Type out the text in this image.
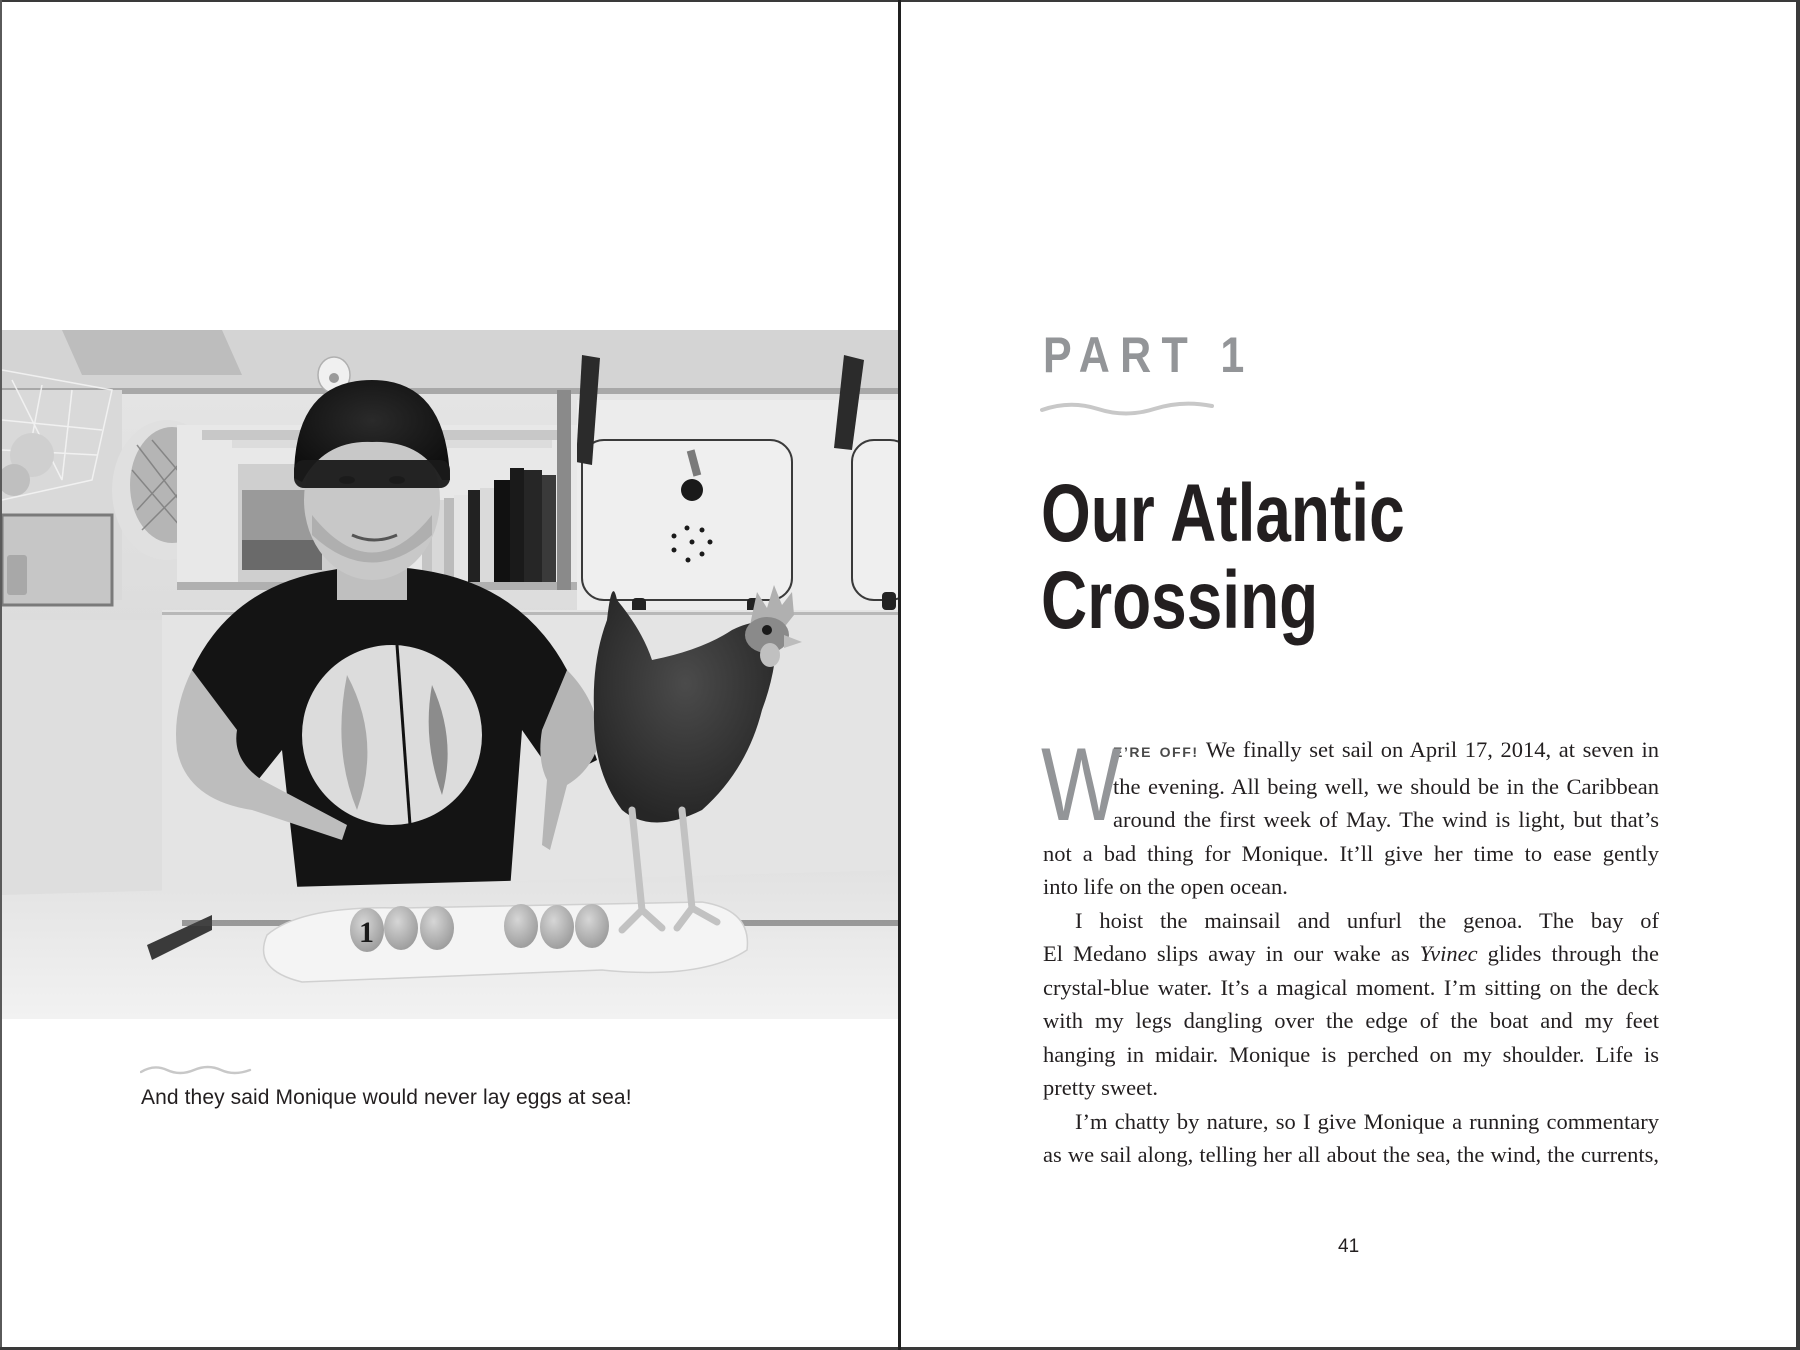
1
And they said Monique would never lay eggs at sea!
PART 1
Our Atlantic
Crossing
W
E’RE OFF! We finally set sail on April 17, 2014, at seven in
the evening. All being well, we should be in the Caribbean
around the first week of May. The wind is light, but that’s
not a bad thing for Monique. It’ll give her time to ease gently
into life on the open ocean.
I hoist the mainsail and unfurl the genoa. The bay of
El Medano slips away in our wake as Yvinec glides through the
crystal-blue water. It’s a magical moment. I’m sitting on the deck
with my legs dangling over the edge of the boat and my feet
hanging in midair. Monique is perched on my shoulder. Life is
pretty sweet.
I’m chatty by nature, so I give Monique a running commentary
as we sail along, telling her all about the sea, the wind, the currents,
41
